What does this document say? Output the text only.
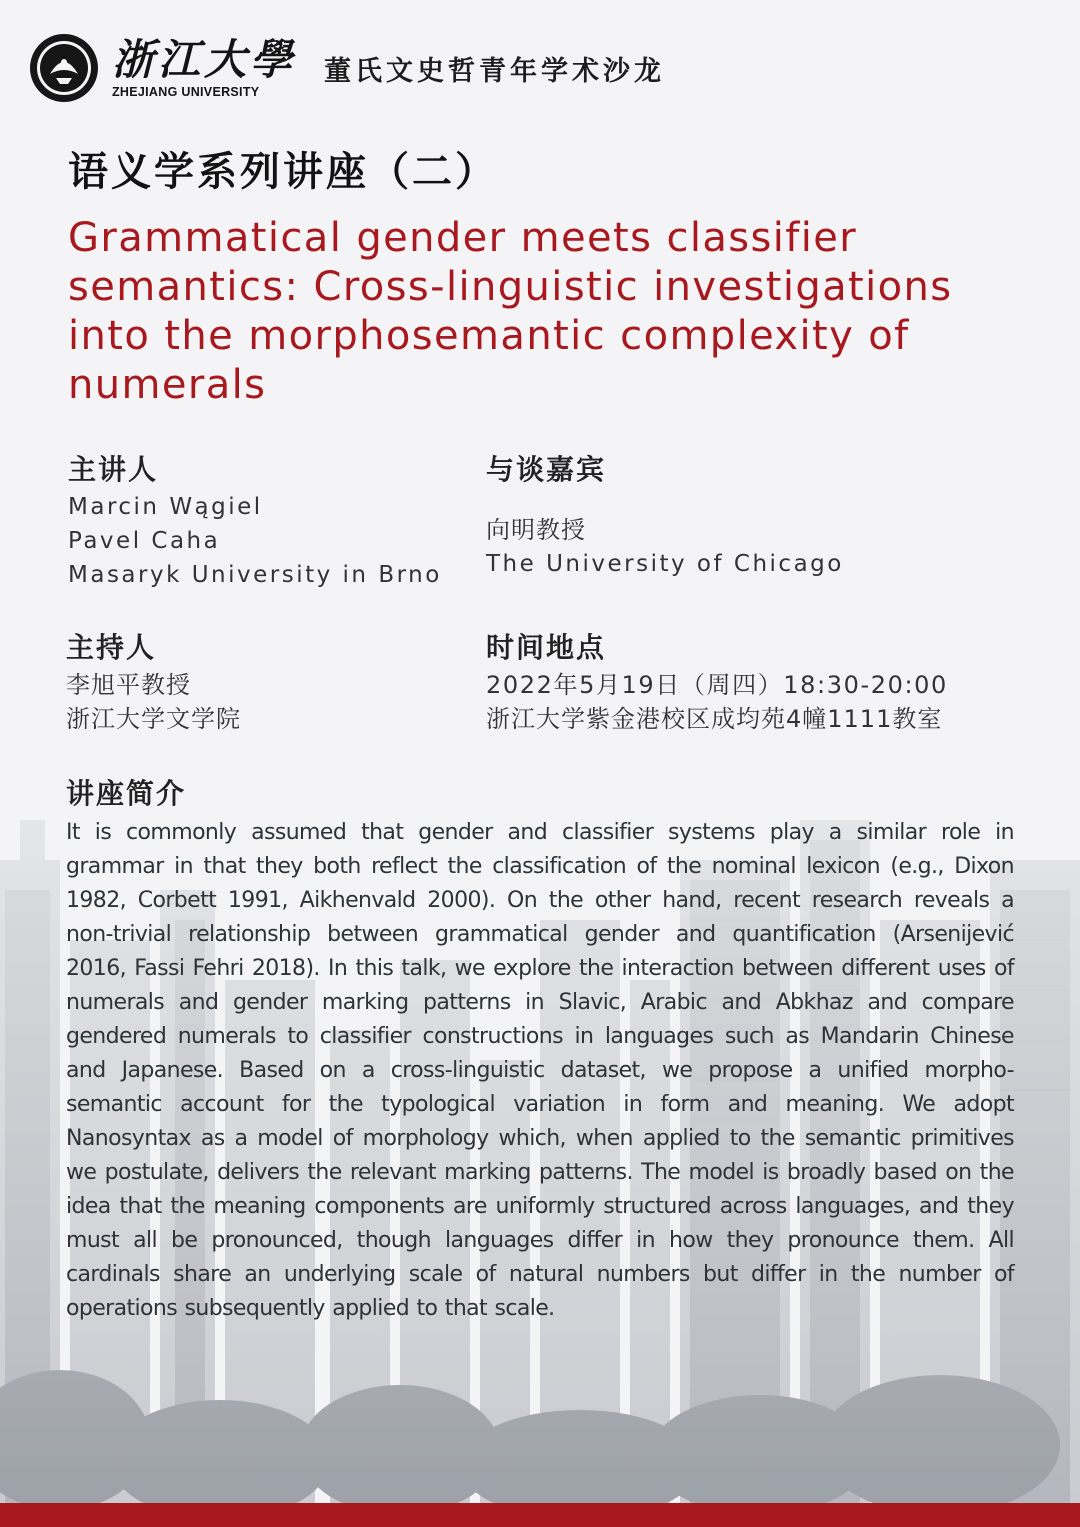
浙江大學
ZHEJIANG UNIVERSITY
董氏文史哲青年学术沙龙
语义学系列讲座（二）
Grammatical gender meets classifier semantics: Cross-linguistic investigations into the morphosemantic complexity of numerals
主讲人
Marcin Wągiel
Pavel Caha
Masaryk University in Brno
与谈嘉宾
向明教授
The University of Chicago
主持人
李旭平教授
浙江大学文学院
时间地点
2022年5月19日（周四）18:30-20:00
浙江大学紫金港校区成均苑4幢1111教室
讲座简介
It is commonly assumed that gender and classifier systems play a similar role in grammar in that they both reflect the classification of the nominal lexicon (e.g., Dixon 1982, Corbett 1991, Aikhenvald 2000). On the other hand, recent research reveals a non-trivial relationship between grammatical gender and quantification (Arsenijević 2016, Fassi Fehri 2018). In this talk, we explore the interaction between different uses of numerals and gender marking patterns in Slavic, Arabic and Abkhaz and compare gendered numerals to classifier constructions in languages such as Mandarin Chinese and Japanese. Based on a cross-linguistic dataset, we propose a unified morpho-semantic account for the typological variation in form and meaning. We adopt Nanosyntax as a model of morphology which, when applied to the semantic primitives we postulate, delivers the relevant marking patterns. The model is broadly based on the idea that the meaning components are uniformly structured across languages, and they must all be pronounced, though languages differ in how they pronounce them. All cardinals share an underlying scale of natural numbers but differ in the number of operations subsequently applied to that scale.
